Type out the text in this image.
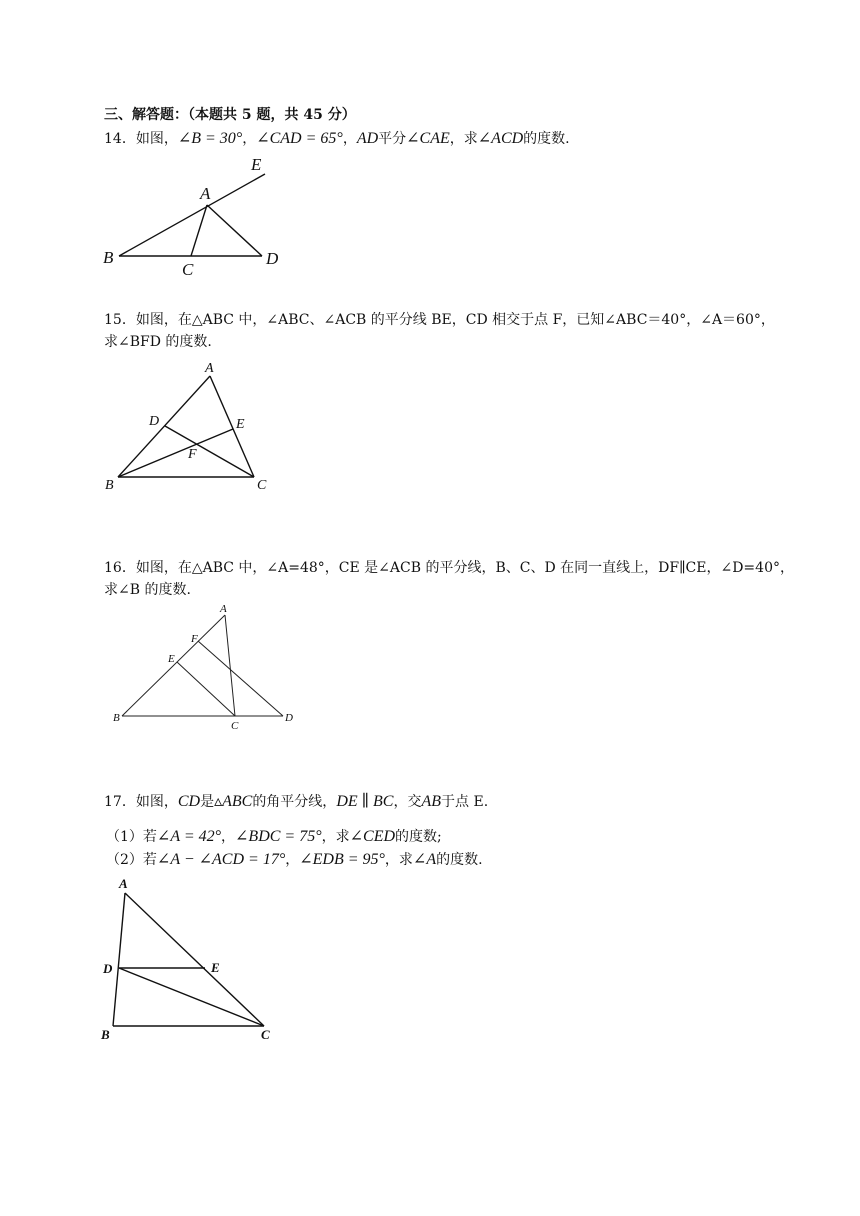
三、解答题：（本题共 5 题，共 45 分）
14．如图，∠B = 30°，∠CAD = 65°，AD平分∠CAE，求∠ACD的度数.
E
A
B
C
D
15．如图，在△ABC 中，∠ABC、∠ACB 的平分线 BE，CD 相交于点 F，已知∠ABC＝40°，∠A＝60°，
求∠BFD 的度数.
A
D	E
F
B	C
16．如图，在△ABC 中，∠A=48°，CE 是∠ACB 的平分线，B、C、D 在同一直线上，DF∥CE，∠D=40°，
求∠B 的度数.
A
F
E
B
C
D
17．如图，CD是▵ABC的角平分线，DE ∥ BC，交AB于点 E.
（1）若∠A = 42°，∠BDC = 75°，求∠CED的度数;
（2）若∠A − ∠ACD = 17°，∠EDB = 95°，求∠A的度数.
A
D	E
B	C
